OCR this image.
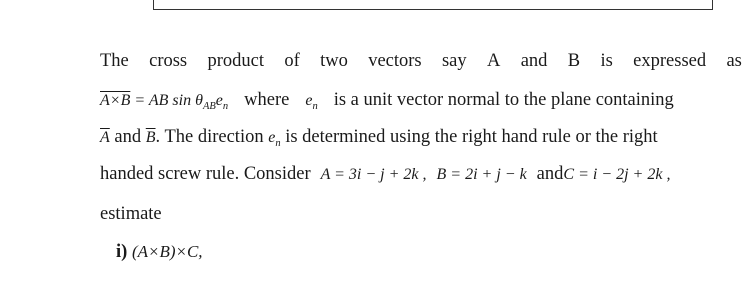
The cross product of two vectors say A and B is expressed as
A×B = AB $\sin \theta_{AB}e_n$ where $e_n$ is a unit vector normal to the plane containing
$\overline{A}$ and $\overline{B}$. The direction $e_n$ is determined using the right hand rule or the right
handed screw rule. Consider A = 3i − j + 2k , B = 2i + j − k and C = i − 2j + 2k ,
estimate
i) (A×B)×C,
